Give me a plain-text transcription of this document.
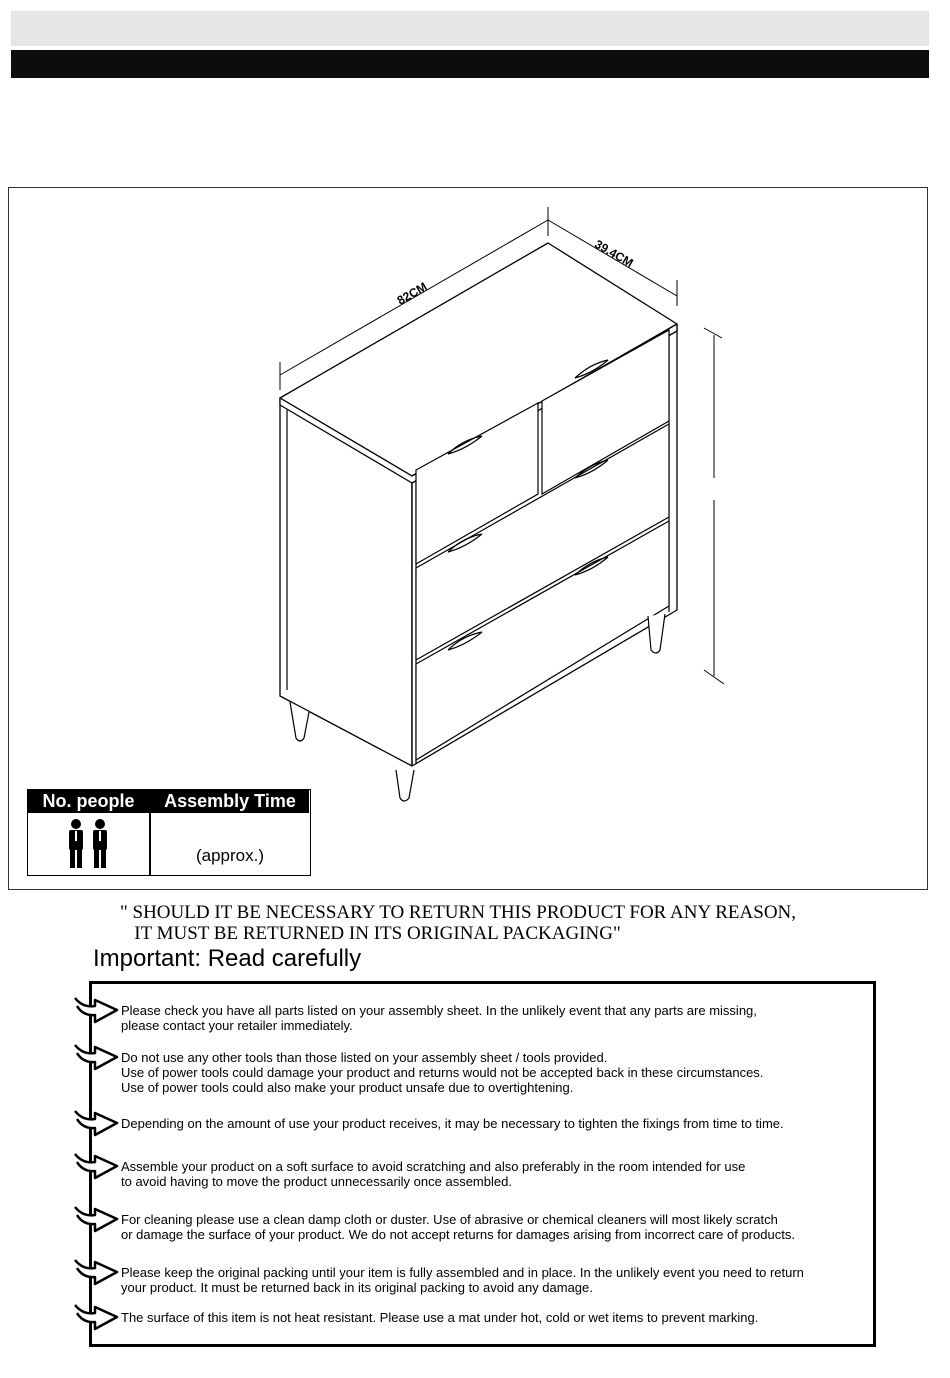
82CM
39.4CM
No. people	Assembly Time
(approx.)
" SHOULD IT BE NECESSARY TO RETURN THIS PRODUCT FOR ANY REASON,
IT MUST BE RETURNED IN ITS ORIGINAL PACKAGING"
Important: Read carefully
Please check you have all parts listed on your assembly sheet. In the unlikely event that any parts are missing,
please contact your retailer immediately.
Do not use any other tools than those listed on your assembly sheet / tools provided.
Use of power tools could damage your product and returns would not be accepted back in these circumstances.
Use of power tools could also make your product unsafe due to overtightening.
Depending on the amount of use your product receives, it may be necessary to tighten the fixings from time to time.
Assemble your product on a soft surface to avoid scratching and also preferably in the room intended for use
to avoid having to move the product unnecessarily once assembled.
For cleaning please use a clean damp cloth or duster. Use of abrasive or chemical cleaners will most likely scratch
or damage the surface of your product. We do not accept returns for damages arising from incorrect care of products.
Please keep the original packing until your item is fully assembled and in place. In the unlikely event you need to return
your product. It must be returned back in its original packing to avoid any damage.
The surface of this item is not heat resistant. Please use a mat under hot, cold or wet items to prevent marking.
